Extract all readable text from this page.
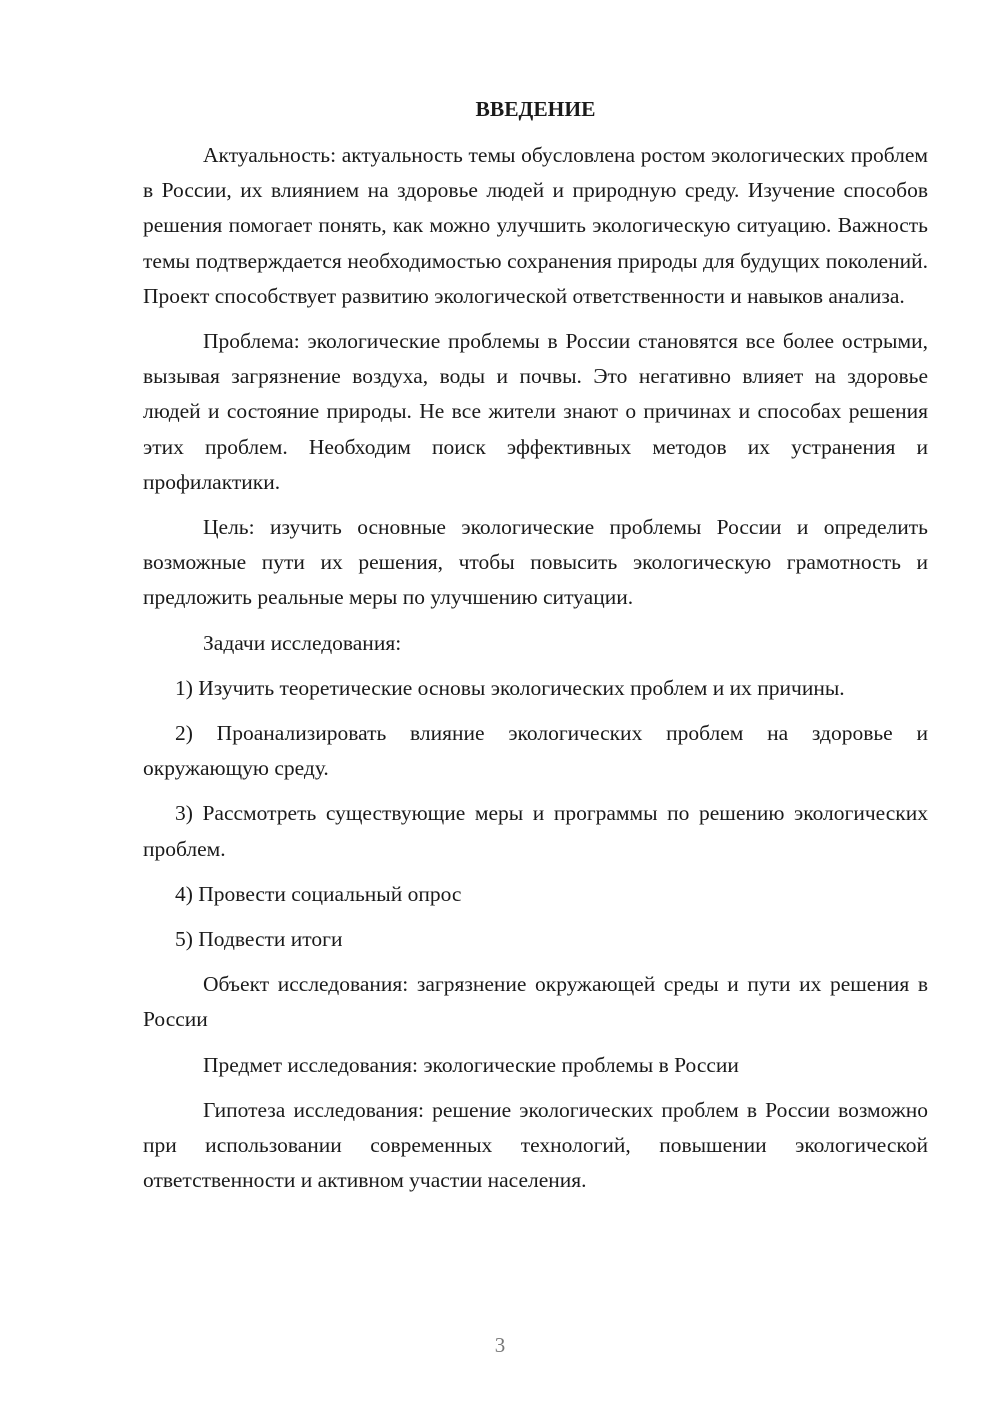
ВВЕДЕНИЕ

Актуальность: актуальность темы обусловлена ростом экологических проблем в России, их влиянием на здоровье людей и природную среду. Изучение способов решения помогает понять, как можно улучшить экологическую ситуацию. Важность темы подтверждается необходимостью сохранения природы для будущих поколений. Проект способствует развитию экологической ответственности и навыков анализа.

Проблема: экологические проблемы в России становятся все более острыми, вызывая загрязнение воздуха, воды и почвы. Это негативно влияет на здоровье людей и состояние природы. Не все жители знают о причинах и способах решения этих проблем. Необходим поиск эффективных методов их устранения и профилактики.

Цель: изучить основные экологические проблемы России и определить возможные пути их решения, чтобы повысить экологическую грамотность и предложить реальные меры по улучшению ситуации.

Задачи исследования:

1) Изучить теоретические основы экологических проблем и их причины.

2) Проанализировать влияние экологических проблем на здоровье и окружающую среду.

3) Рассмотреть существующие меры и программы по решению экологических проблем.

4) Провести социальный опрос

5) Подвести итоги

Объект исследования: загрязнение окружающей среды и пути их решения в России

Предмет исследования: экологические проблемы в России

Гипотеза исследования: решение экологических проблем в России возможно при использовании современных технологий, повышении экологической ответственности и активном участии населения.

3
